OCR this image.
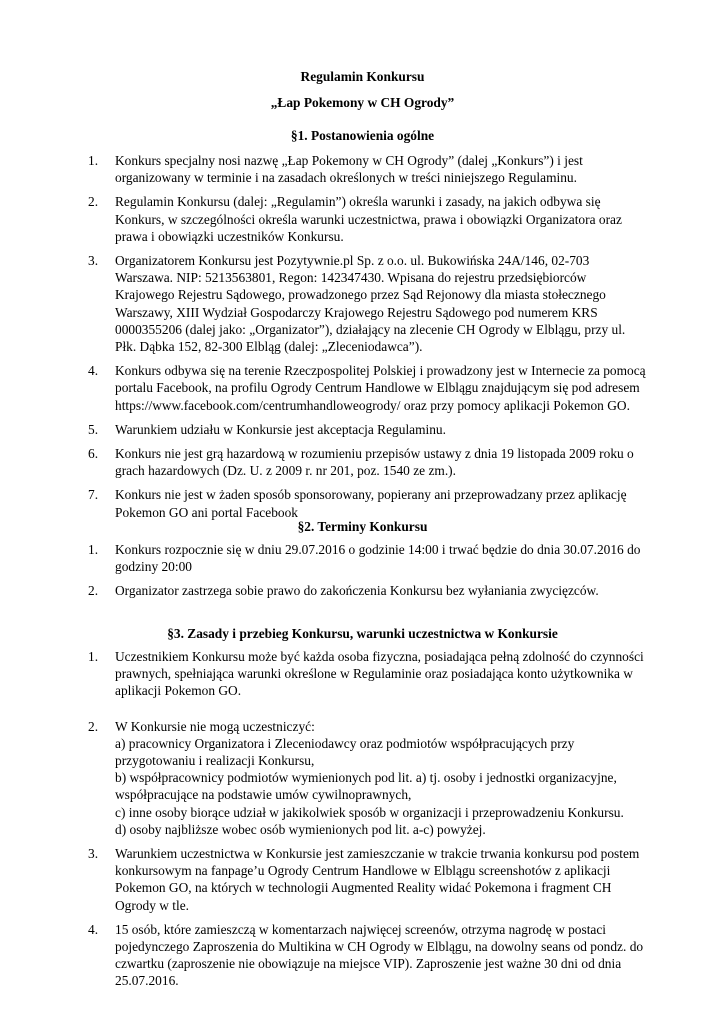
Regulamin Konkursu
„Łap Pokemony w CH Ogrody”
§1. Postanowienia ogólne
1. Konkurs specjalny nosi nazwę „Łap Pokemony w CH Ogrody” (dalej „Konkurs”) i jest organizowany w terminie i na zasadach określonych w treści niniejszego Regulaminu.
2. Regulamin Konkursu (dalej: „Regulamin”) określa warunki i zasady, na jakich odbywa się Konkurs, w szczególności określa warunki uczestnictwa, prawa i obowiązki Organizatora oraz prawa i obowiązki uczestników Konkursu.
3. Organizatorem Konkursu jest Pozytywnie.pl Sp. z o.o. ul. Bukowińska 24A/146, 02-703 Warszawa. NIP: 5213563801, Regon: 142347430. Wpisana do rejestru przedsiębiorców Krajowego Rejestru Sądowego, prowadzonego przez Sąd Rejonowy dla miasta stołecznego Warszawy, XIII Wydział Gospodarczy Krajowego Rejestru Sądowego pod numerem KRS 0000355206 (dalej jako: „Organizator”), działający na zlecenie CH Ogrody w Elblągu, przy ul. Płk. Dąbka 152, 82-300 Elbląg (dalej: „Zleceniodawca”).
4. Konkurs odbywa się na terenie Rzeczpospolitej Polskiej i prowadzony jest w Internecie za pomocą portalu Facebook, na profilu Ogrody Centrum Handlowe w Elblągu znajdującym się pod adresem https://www.facebook.com/centrumhandloweogrody/ oraz przy pomocy aplikacji Pokemon GO.
5. Warunkiem udziału w Konkursie jest akceptacja Regulaminu.
6. Konkurs nie jest grą hazardową w rozumieniu przepisów ustawy z dnia 19 listopada 2009 roku o grach hazardowych (Dz. U. z 2009 r. nr 201, poz. 1540 ze zm.).
7. Konkurs nie jest w żaden sposób sponsorowany, popierany ani przeprowadzany przez aplikację Pokemon GO ani portal Facebook
§2. Terminy Konkursu
1. Konkurs rozpocznie się w dniu 29.07.2016 o godzinie 14:00 i trwać będzie do dnia 30.07.2016 do godziny 20:00
2. Organizator zastrzega sobie prawo do zakończenia Konkursu bez wyłaniania zwycięzców.
§3. Zasady i przebieg Konkursu, warunki uczestnictwa w Konkursie
1. Uczestnikiem Konkursu może być każda osoba fizyczna, posiadająca pełną zdolność do czynności prawnych, spełniająca warunki określone w Regulaminie oraz posiadająca konto użytkownika w aplikacji Pokemon GO.
2. W Konkursie nie mogą uczestniczyć:
a) pracownicy Organizatora i Zleceniodawcy oraz podmiotów współpracujących przy przygotowaniu i realizacji Konkursu,
b) współpracownicy podmiotów wymienionych pod lit. a) tj. osoby i jednostki organizacyjne, współpracujące na podstawie umów cywilnoprawnych,
c) inne osoby biorące udział w jakikolwiek sposób w organizacji i przeprowadzeniu Konkursu.
d) osoby najbliższe wobec osób wymienionych pod lit. a-c) powyżej.
3. Warunkiem uczestnictwa w Konkursie jest zamieszczanie w trakcie trwania konkursu pod postem konkursowym na fanpage’u Ogrody Centrum Handlowe w Elblągu screenshotów z aplikacji Pokemon GO, na których w technologii Augmented Reality widać Pokemona i fragment CH Ogrody w tle.
4. 15 osób, które zamieszczą w komentarzach najwięcej screenów, otrzyma nagrodę w postaci pojedynczego Zaproszenia do Multikina w CH Ogrody w Elblągu, na dowolny seans od pondz. do czwartku (zaproszenie nie obowiązuje na miejsce VIP). Zaproszenie jest ważne 30 dni od dnia 25.07.2016.
